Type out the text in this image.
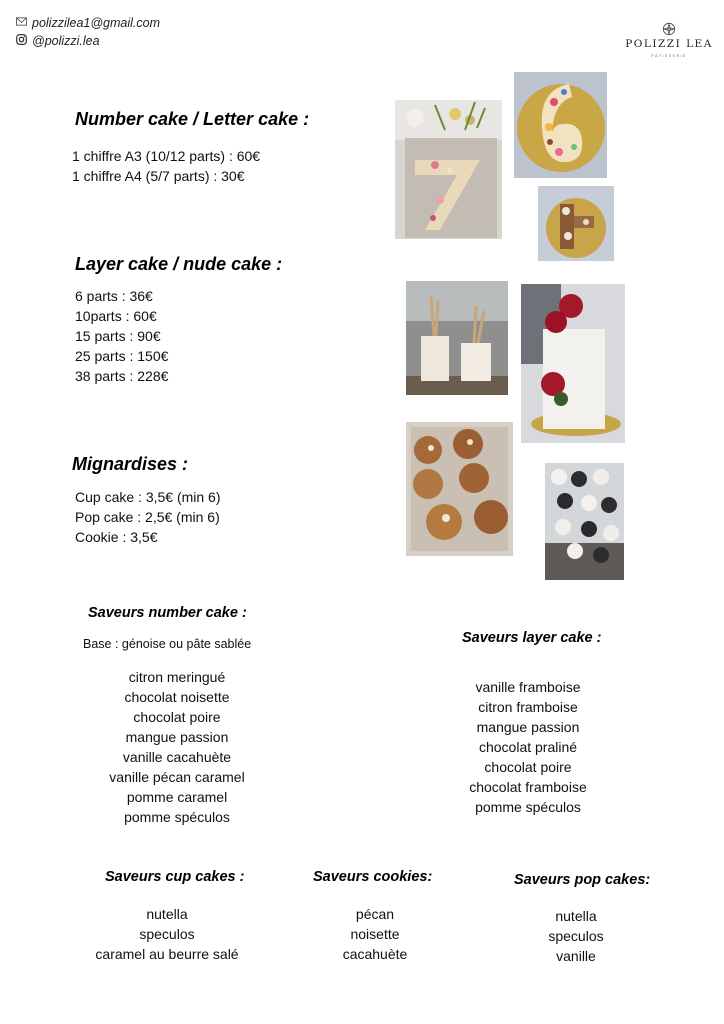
polizzilea1@gmail.com
@polizzi.lea	POLIZZI LEA
PÂTISSERIE
Number cake / Letter cake :
1 chiffre A3 (10/12 parts) : 60€
1 chiffre A4 (5/7 parts) : 30€
Layer cake / nude cake :
6 parts : 36€
10parts : 60€
15 parts : 90€
25 parts : 150€
38 parts : 228€
Mignardises :
Cup cake : 3,5€ (min 6)
Pop cake : 2,5€ (min 6)
Cookie : 3,5€
Saveurs number cake :
Base : génoise ou pâte sablée
citron meringué
chocolat noisette
chocolat poire
mangue passion
vanille cacahuète
vanille pécan caramel
pomme caramel
pomme spéculos
Saveurs layer cake :
vanille framboise
citron framboise
mangue passion
chocolat praliné
chocolat poire
chocolat framboise
pomme spéculos
Saveurs cup cakes :
nutella
speculos
caramel au beurre salé
Saveurs cookies:
pécan
noisette
cacahuète
Saveurs pop cakes:
nutella
speculos
vanille
